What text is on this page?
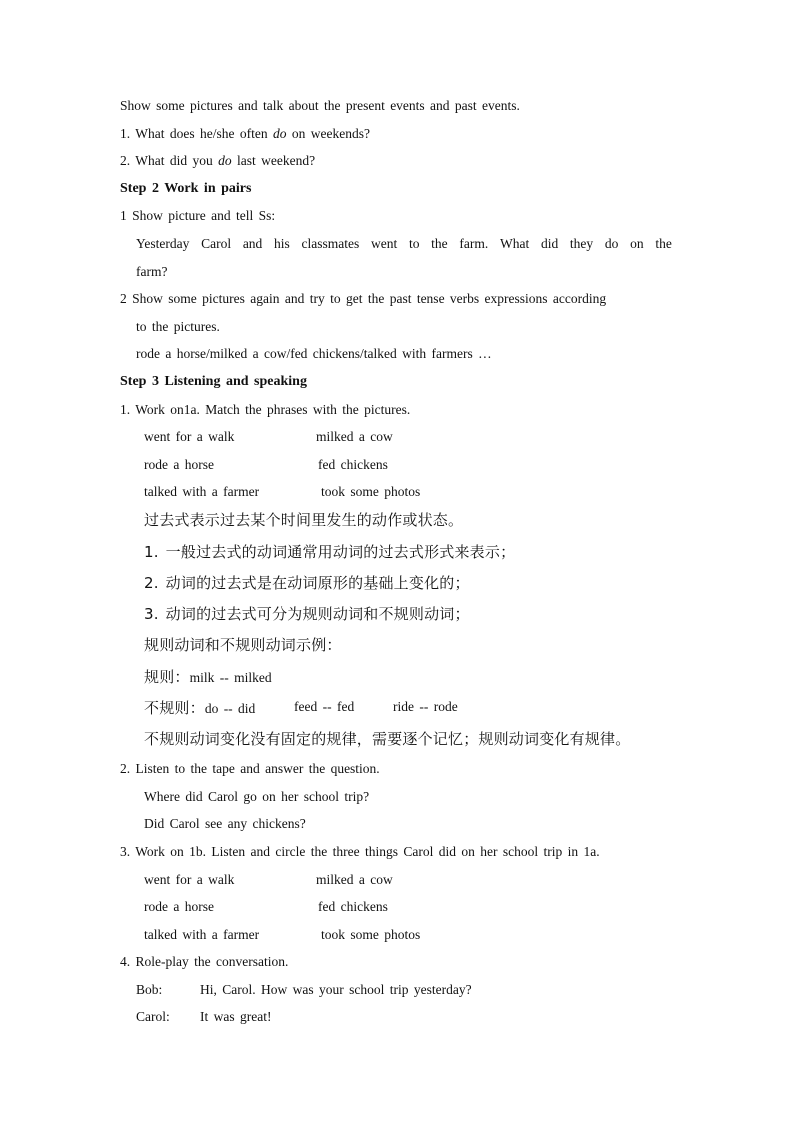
Show some pictures and talk about the present events and past events.
1. What does he/she often do on weekends?
2. What did you do last weekend?
Step 2 Work in pairs
1 Show picture and tell Ss:
Yesterday Carol and his classmates went to the farm. What did they do on the
farm?
2 Show some pictures again and try to get the past tense verbs expressions according
to the pictures.
rode a horse/milked a cow/fed chickens/talked with farmers …
Step 3 Listening and speaking
1. Work on1a. Match the phrases with the pictures.
went for a walk	milked a cow
rode a horse	fed chickens
talked with a farmer	took some photos
过去式表示过去某个时间里发生的动作或状态。
1. 一般过去式的动词通常用动词的过去式形式来表示；
2. 动词的过去式是在动词原形的基础上变化的；
3. 动词的过去式可分为规则动词和不规则动词；
规则动词和不规则动词示例：
规则：milk -- milked
不规则：do -- did	feed -- fed	ride -- rode
不规则动词变化没有固定的规律，需要逐个记忆；规则动词变化有规律。
2. Listen to the tape and answer the question.
Where did Carol go on her school trip?
Did Carol see any chickens?
3. Work on 1b. Listen and circle the three things Carol did on her school trip in 1a.
went for a walk	milked a cow
rode a horse	fed chickens
talked with a farmer	took some photos
4. Role-play the conversation.
Bob:	Hi, Carol. How was your school trip yesterday?
Carol: It was great!
